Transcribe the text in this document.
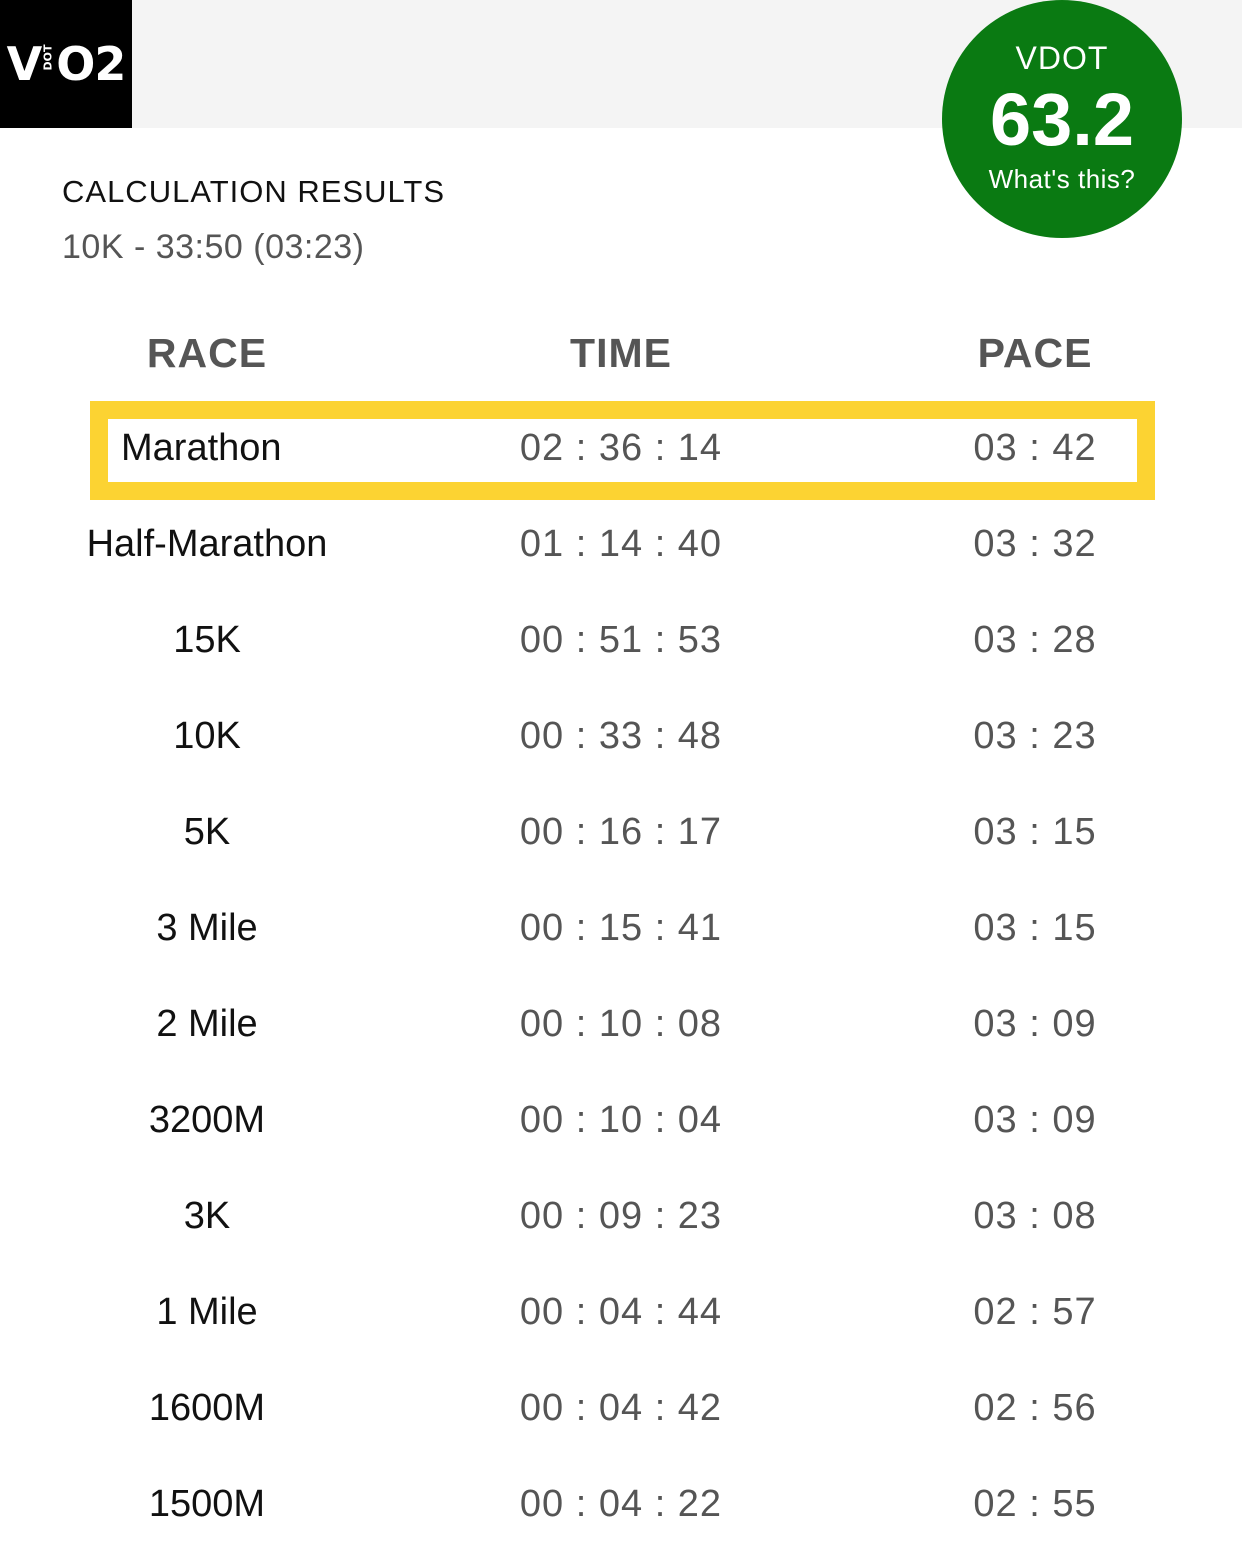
V DOT O2	VDOT
63.2
What's this?
CALCULATION RESULTS
10K - 33:50 (03:23)
RACE	TIME	PACE
Marathon	02 : 36 : 14	03 : 42
Half-Marathon	01 : 14 : 40	03 : 32
15K	00 : 51 : 53	03 : 28
10K	00 : 33 : 48	03 : 23
5K	00 : 16 : 17	03 : 15
3 Mile	00 : 15 : 41	03 : 15
2 Mile	00 : 10 : 08	03 : 09
3200M	00 : 10 : 04	03 : 09
3K	00 : 09 : 23	03 : 08
1 Mile	00 : 04 : 44	02 : 57
1600M	00 : 04 : 42	02 : 56
1500M	00 : 04 : 22	02 : 55
